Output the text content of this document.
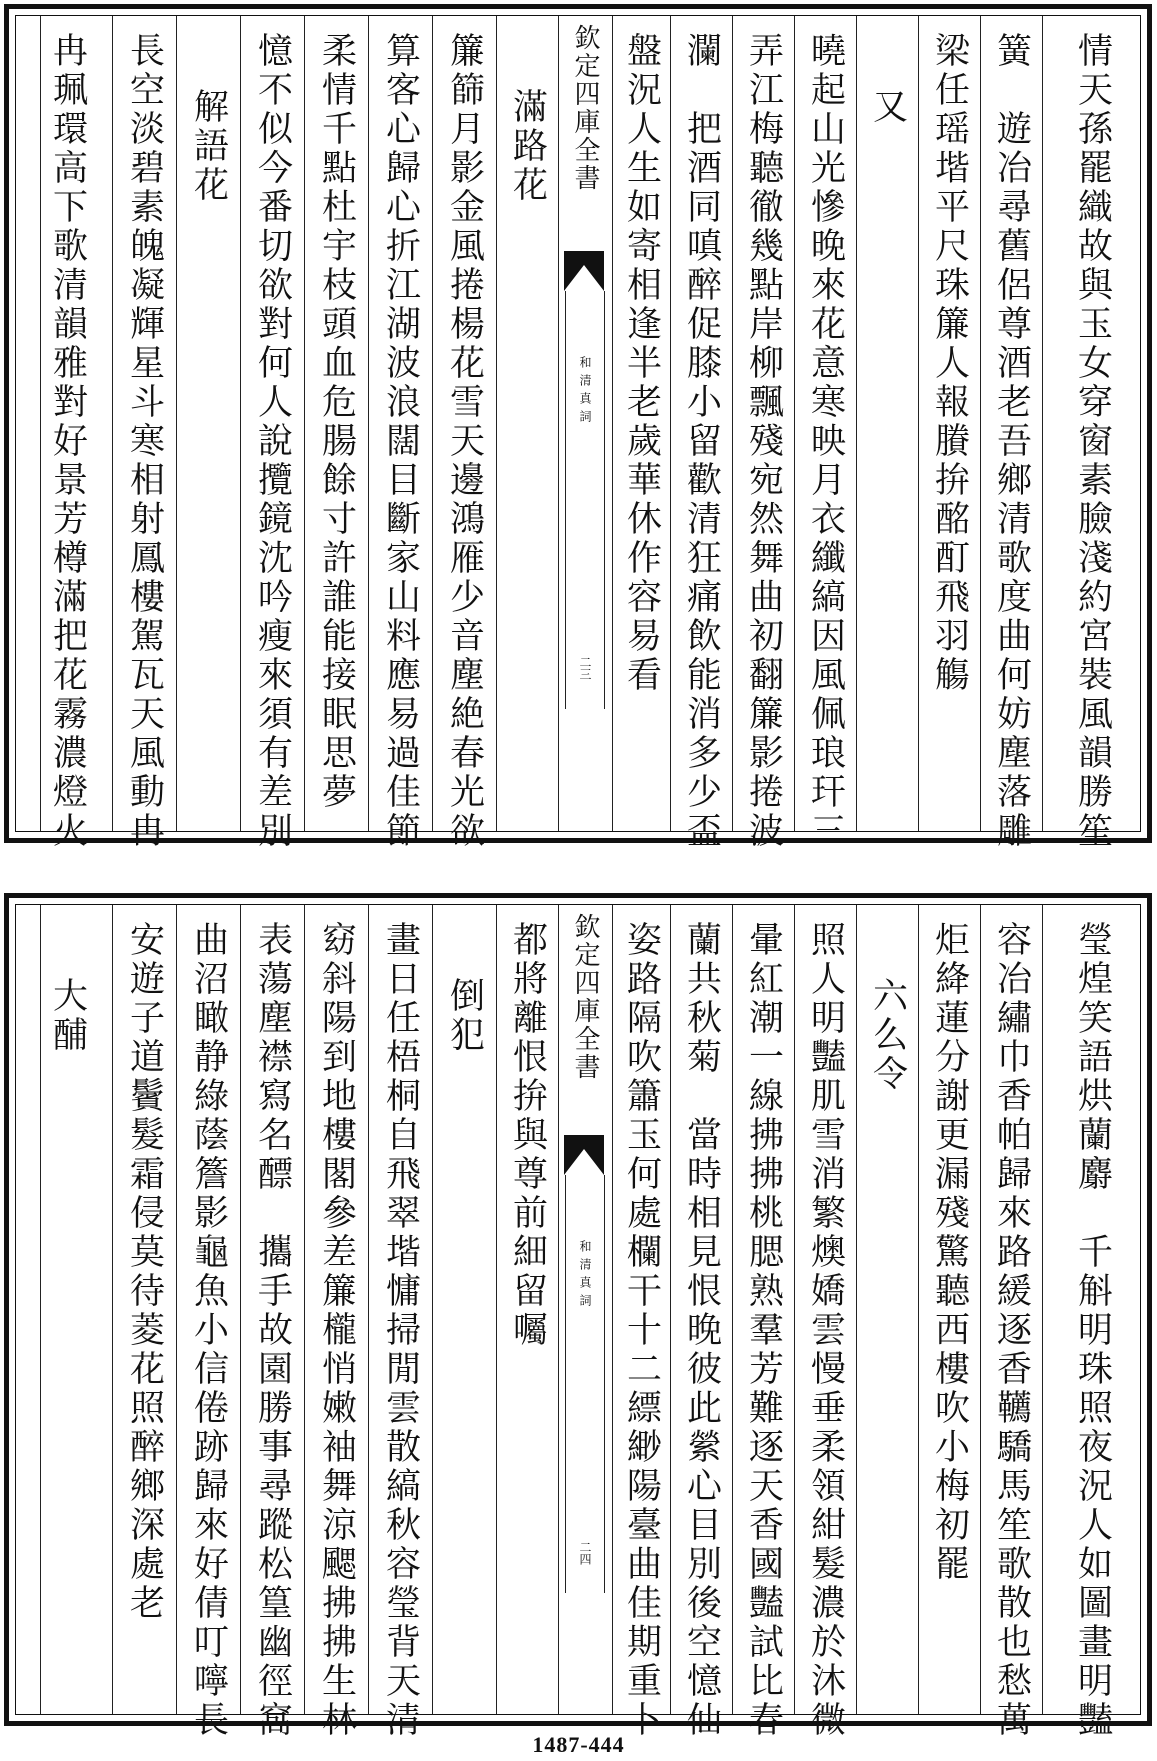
情天孫罷織故與玉女穿窗素臉淺約宮裝風韻勝笙
簧　遊冶尋舊侶尊酒老吾鄉清歌度曲何妨塵落雕
梁任瑶堦平尺珠簾人報賸拚酩酊飛羽觴
又
曉起山光慘晚來花意寒映月衣纖縞因風佩琅玕三
弄江梅聽徹幾點岸柳飄殘宛然舞曲初翻簾影捲波
瀾　把酒同嗔醉促膝小留歡清狂痛飲能消多少盃
盤況人生如寄相逢半老歲華休作容易看
欽定四庫全書
和清真詞
二三
滿路花
簾篩月影金風捲楊花雪天邊鴻雁少音塵絶春光欲
算客心歸心折江湖波浪闊目斷家山料應易過佳節
柔情千點杜宇枝頭血危腸餘寸許誰能接眠思夢
憶不似今番切欲對何人說攬鏡沈吟瘦來須有差別
解語花
長空淡碧素魄凝輝星斗寒相射鳳樓駕瓦天風動冉
冉珮環高下歌清韻雅對好景芳樽滿把花霧濃燈火
瑩煌笑語烘蘭麝　千斛明珠照夜況人如圖畫明豔
容冶繡巾香帕歸來路緩逐香韉驕馬笙歌散也愁萬
炬絳蓮分謝更漏殘驚聽西樓吹小梅初罷
六么令
照人明豔肌雪消繁燠嬌雲慢垂柔領紺髮濃於沐微
暈紅潮一線拂拂桃腮熟羣芳難逐天香國豔試比春
蘭共秋菊　當時相見恨晚彼此縈心目別後空憶仙
姿路隔吹簫玉何處欄干十二縹緲陽臺曲佳期重卜
欽定四庫全書
和清真詞
二四
都將離恨拚與尊前細留囑
倒犯
畫日任梧桐自飛翠堦慵掃閒雲散縞秋容瑩背天清
窈斜陽到地樓閣參差簾櫳悄嫩袖舞涼颸拂拂生林
表蕩塵襟寫名醥　攜手故園勝事尋蹤松篁幽徑窩
曲沼瞰静綠蔭簷影龜魚小信倦跡歸來好倩叮嚀長
安遊子道鬢髮霜侵莫待菱花照醉鄉深處老
大酺
1487-444
